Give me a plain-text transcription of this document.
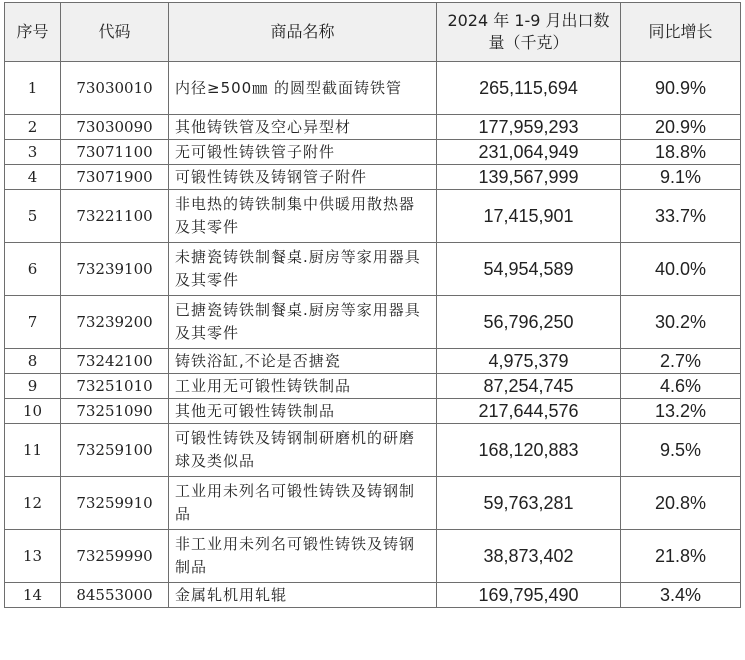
序号	代码	商品名称	2024 年 1-9 月出口数量（千克）	同比增长
1	73030010	内径≥500㎜ 的圆型截面铸铁管	265,115,694	90.9%
2	73030090	其他铸铁管及空心异型材	177,959,293	20.9%
3	73071100	无可锻性铸铁管子附件	231,064,949	18.8%
4	73071900	可锻性铸铁及铸钢管子附件	139,567,999	9.1%
5	73221100	非电热的铸铁制集中供暖用散热器及其零件	17,415,901	33.7%
6	73239100	未搪瓷铸铁制餐桌.厨房等家用器具及其零件	54,954,589	40.0%
7	73239200	已搪瓷铸铁制餐桌.厨房等家用器具及其零件	56,796,250	30.2%
8	73242100	铸铁浴缸,不论是否搪瓷	4,975,379	2.7%
9	73251010	工业用无可锻性铸铁制品	87,254,745	4.6%
10	73251090	其他无可锻性铸铁制品	217,644,576	13.2%
11	73259100	可锻性铸铁及铸钢制研磨机的研磨球及类似品	168,120,883	9.5%
12	73259910	工业用未列名可锻性铸铁及铸钢制品	59,763,281	20.8%
13	73259990	非工业用未列名可锻性铸铁及铸钢制品	38,873,402	21.8%
14	84553000	金属轧机用轧辊	169,795,490	3.4%
